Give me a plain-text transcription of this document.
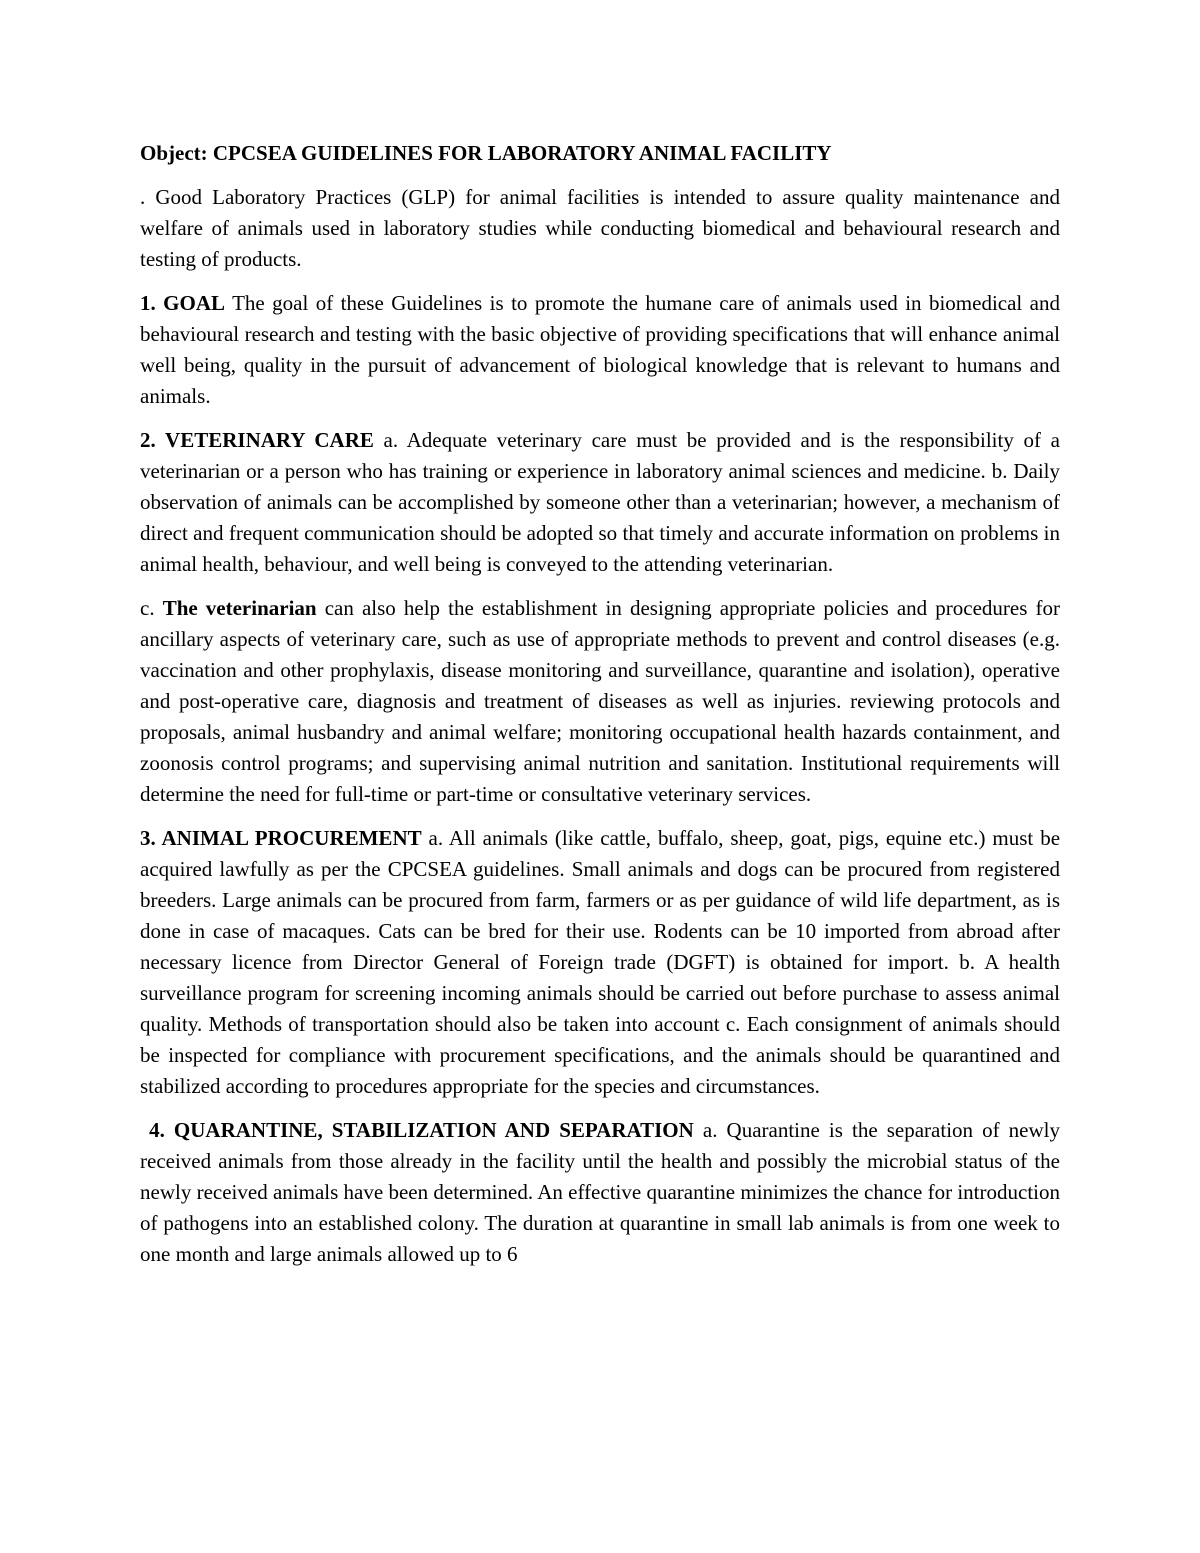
Object: CPCSEA GUIDELINES FOR LABORATORY ANIMAL FACILITY

. Good Laboratory Practices (GLP) for animal facilities is intended to assure quality maintenance and welfare of animals used in laboratory studies while conducting biomedical and behavioural research and testing of products.

1. GOAL The goal of these Guidelines is to promote the humane care of animals used in biomedical and behavioural research and testing with the basic objective of providing specifications that will enhance animal well being, quality in the pursuit of advancement of biological knowledge that is relevant to humans and animals.

2. VETERINARY CARE a. Adequate veterinary care must be provided and is the responsibility of a veterinarian or a person who has training or experience in laboratory animal sciences and medicine. b. Daily observation of animals can be accomplished by someone other than a veterinarian; however, a mechanism of direct and frequent communication should be adopted so that timely and accurate information on problems in animal health, behaviour, and well being is conveyed to the attending veterinarian.

c. The veterinarian can also help the establishment in designing appropriate policies and procedures for ancillary aspects of veterinary care, such as use of appropriate methods to prevent and control diseases (e.g. vaccination and other prophylaxis, disease monitoring and surveillance, quarantine and isolation), operative and post-operative care, diagnosis and treatment of diseases as well as injuries. reviewing protocols and proposals, animal husbandry and animal welfare; monitoring occupational health hazards containment, and zoonosis control programs; and supervising animal nutrition and sanitation. Institutional requirements will determine the need for full-time or part-time or consultative veterinary services.

3. ANIMAL PROCUREMENT a. All animals (like cattle, buffalo, sheep, goat, pigs, equine etc.) must be acquired lawfully as per the CPCSEA guidelines. Small animals and dogs can be procured from registered breeders. Large animals can be procured from farm, farmers or as per guidance of wild life department, as is done in case of macaques. Cats can be bred for their use. Rodents can be 10 imported from abroad after necessary licence from Director General of Foreign trade (DGFT) is obtained for import. b. A health surveillance program for screening incoming animals should be carried out before purchase to assess animal quality. Methods of transportation should also be taken into account c. Each consignment of animals should be inspected for compliance with procurement specifications, and the animals should be quarantined and stabilized according to procedures appropriate for the species and circumstances.

4. QUARANTINE, STABILIZATION AND SEPARATION a. Quarantine is the separation of newly received animals from those already in the facility until the health and possibly the microbial status of the newly received animals have been determined. An effective quarantine minimizes the chance for introduction of pathogens into an established colony. The duration at quarantine in small lab animals is from one week to one month and large animals allowed up to 6
